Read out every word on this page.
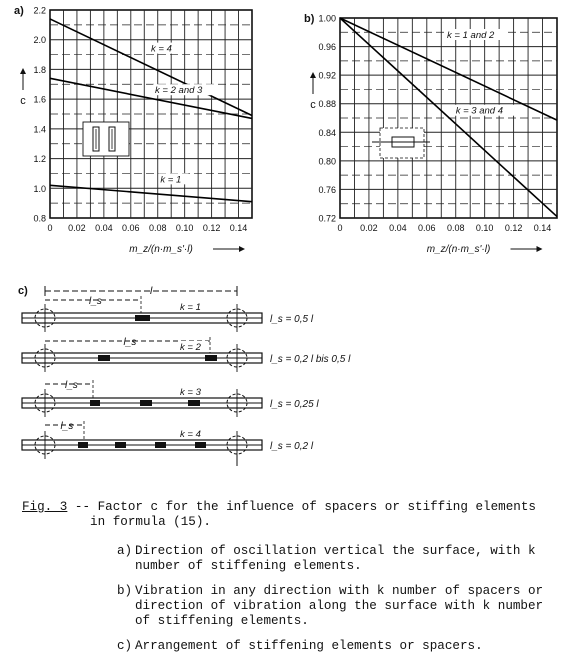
0 0.02 0.04 0.06 0.08 0.10 0.12 0.14
0.8
1.0
1.2
1.4
1.6
1.8
2.0
2.2
a)
c
m_z/(n·m_s'·l)
k = 4
k = 2 and 3
k = 1
0 0.02 0.04 0.06 0.08 0.10 0.12 0.14
0.72
0.76
0.80
0.84
0.88
0.92
0.96
1.00
b)
c
m_z/(n·m_s'·l)
k = 1 and 2
k = 3 and 4
c)	l
l_s
k = 1
l_s = 0,5 l
l_s	k = 2
l_s = 0,2 l bis 0,5 l
l_s
k = 3
l_s = 0,25 l
l_s
k = 4
l_s = 0,2 l
Fig. 3 -- Factor c for the influence of spacers or stiffing elements
in formula (15).
a) Direction of oscillation vertical the surface, with k number of stiffening elements.
b) Vibration in any direction with k number of spacers or direction of vibration along the surface with k number of stiffening elements.
c) Arrangement of stiffening elements or spacers.
